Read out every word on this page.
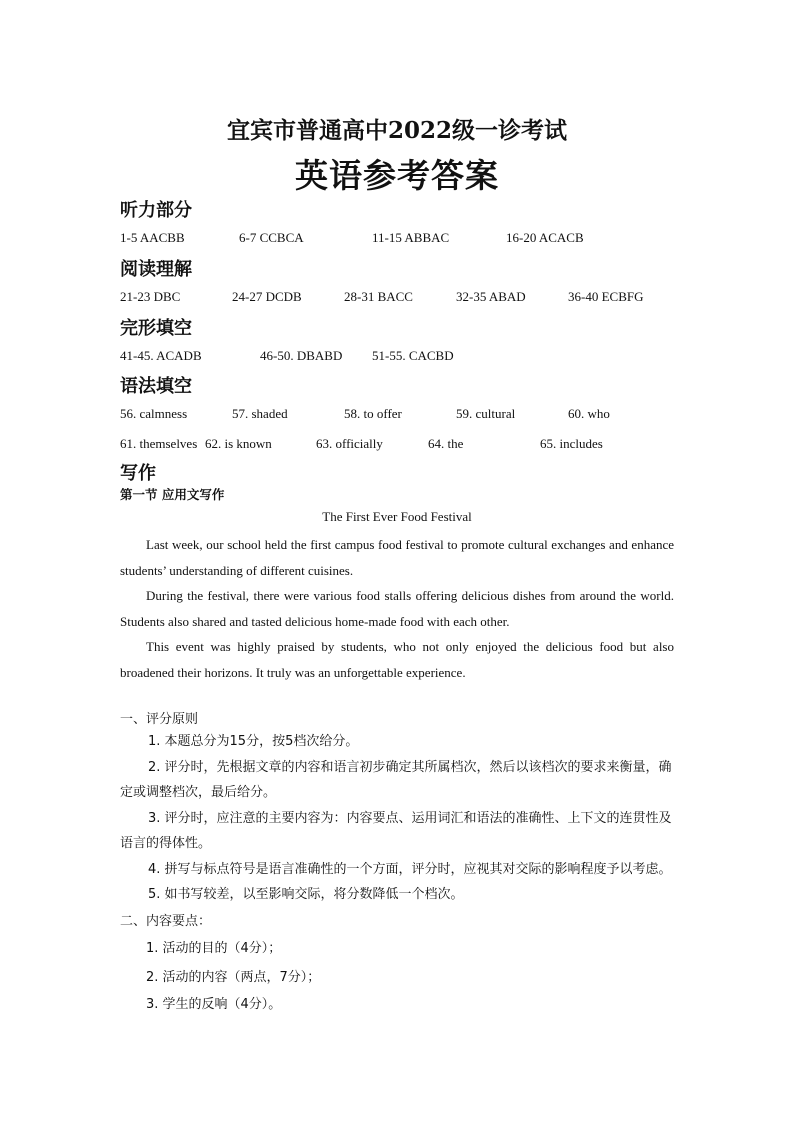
宜宾市普通高中2022级一诊考试
英语参考答案
听力部分
1-5 AACBB	6-7 CCBCA	11-15 ABBAC	16-20 ACACB
阅读理解
21-23 DBC	24-27 DCDB	28-31 BACC	32-35 ABAD	36-40 ECBFG
完形填空
41-45. ACADB	46-50. DBABD 51-55. CACBD
语法填空
56. calmness	57. shaded	58. to offer	59. cultural	60. who
61. themselves 62. is known	63. officially	64. the	65. includes
写作
第一节 应用文写作
The First Ever Food Festival

Last week, our school held the first campus food festival to promote cultural exchanges and enhance students’ understanding of different cuisines.

During the festival, there were various food stalls offering delicious dishes from around the world. Students also shared and tasted delicious home-made food with each other.

This event was highly praised by students, who not only enjoyed the delicious food but also broadened their horizons. It truly was an unforgettable experience.

一、评分原则

1. 本题总分为15分，按5档次给分。

2. 评分时，先根据文章的内容和语言初步确定其所属档次，然后以该档次的要求来衡量，确定或调整档次，最后给分。

3. 评分时，应注意的主要内容为：内容要点、运用词汇和语法的准确性、上下文的连贯性及语言的得体性。

4. 拼写与标点符号是语言准确性的一个方面，评分时，应视其对交际的影响程度予以考虑。

5. 如书写较差，以至影响交际，将分数降低一个档次。

二、内容要点：
1. 活动的目的（4分）；
2. 活动的内容（两点，7分）；
3. 学生的反响（4分）。
